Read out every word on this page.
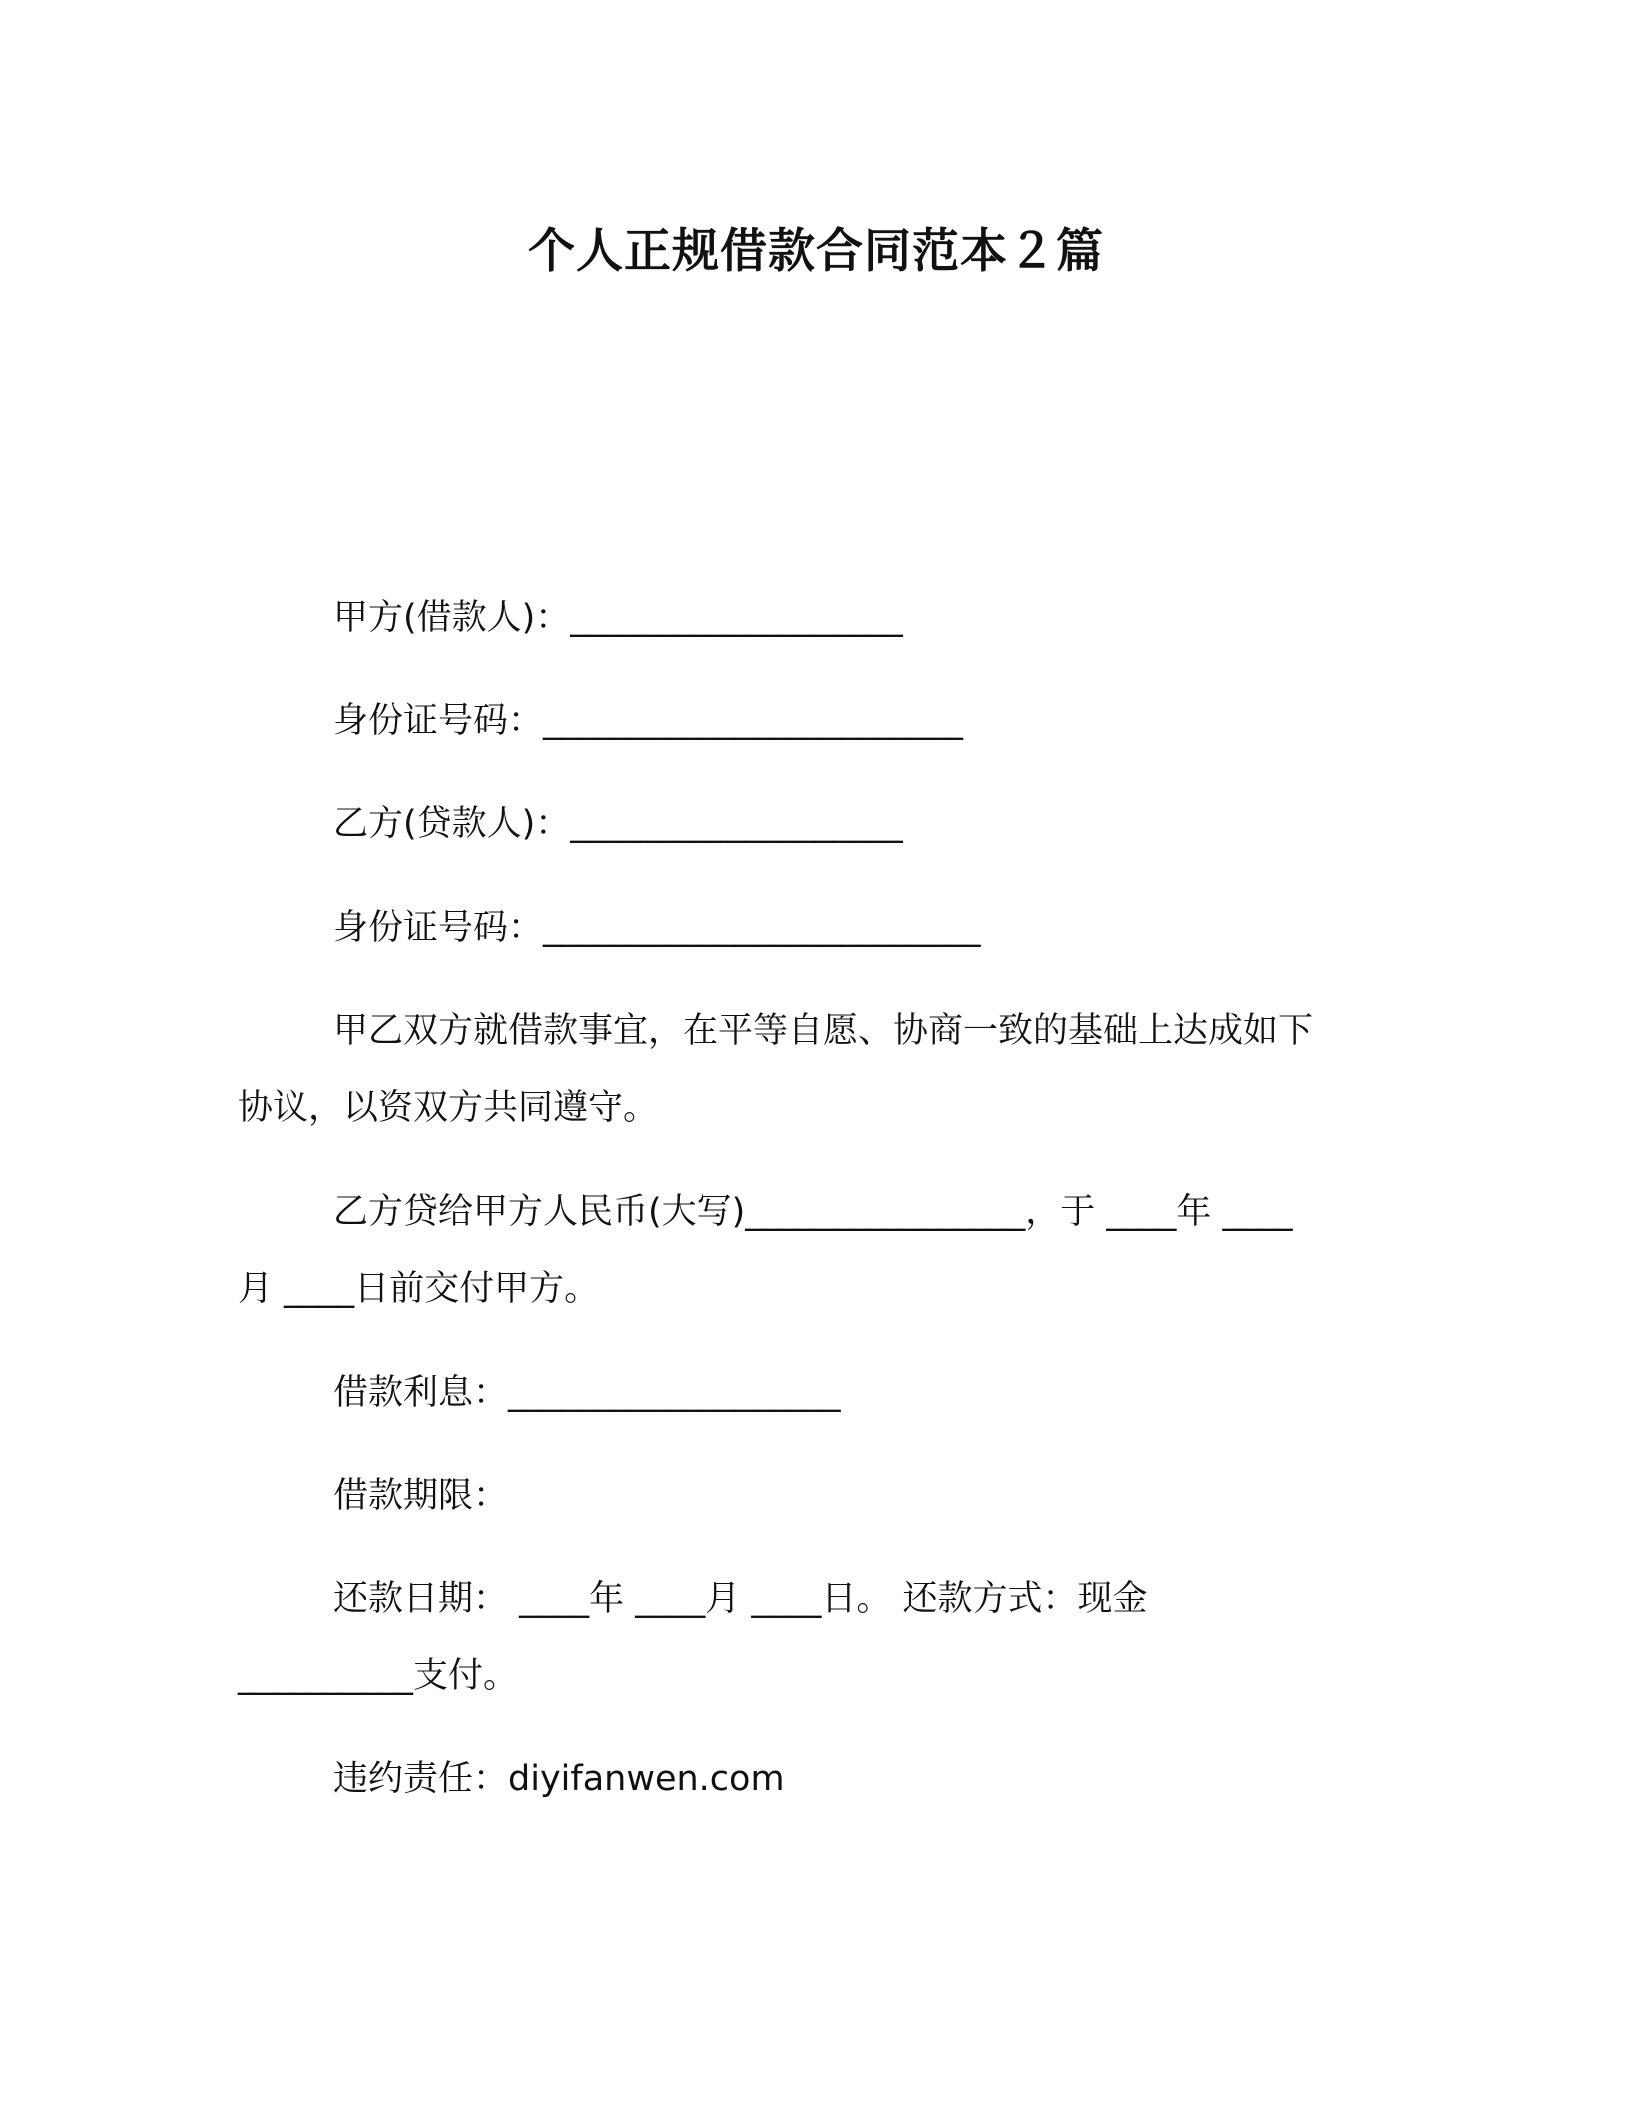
个人正规借款合同范本２篇
甲方(借款人)：___________________
身份证号码：________________________
乙方(贷款人)：___________________
身份证号码：_________________________
甲乙双方就借款事宜，在平等自愿、协商一致的基础上达成如下
协议，以资双方共同遵守。
乙方贷给甲方人民币(大写)________________，于 ____年 ____
月 ____日前交付甲方。
借款利息：___________________
借款期限：
还款日期： ____年 ____月 ____日。 还款方式：现金
__________支付。
违约责任：diyifanwen.com
